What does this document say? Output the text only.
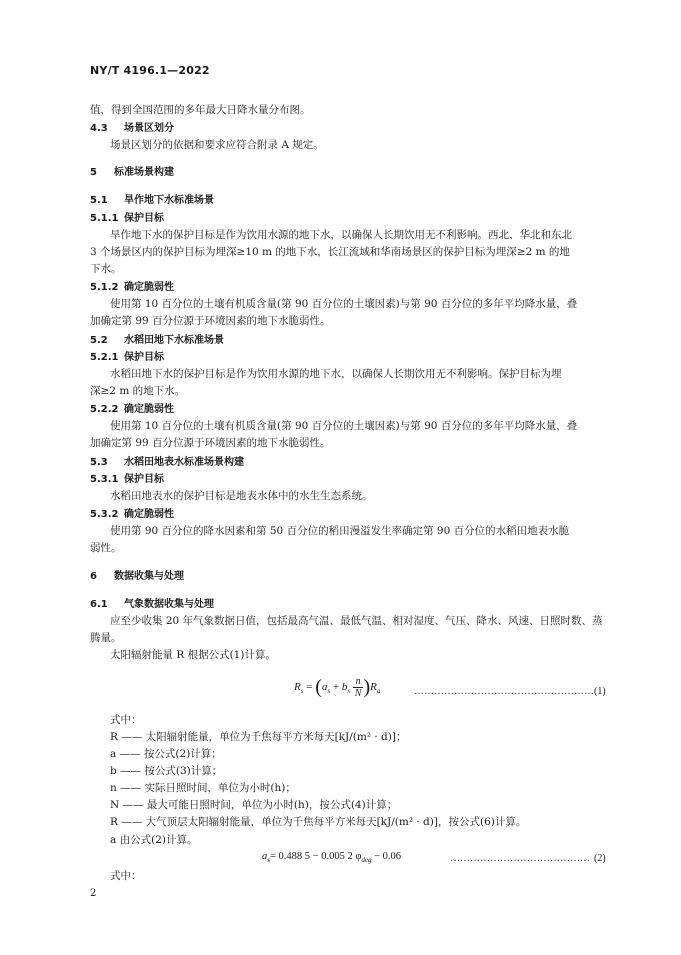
NY/T 4196.1—2022
值，得到全国范围的多年最大日降水量分布图。
4.3 场景区划分
场景区划分的依据和要求应符合附录 A 规定。
5 标准场景构建
5.1 旱作地下水标准场景
5.1.1 保护目标
旱作地下水的保护目标是作为饮用水源的地下水，以确保人长期饮用无不利影响。西北、华北和东北
3 个场景区内的保护目标为埋深≥10 m 的地下水，长江流域和华南场景区的保护目标为埋深≥2 m 的地
下水。
5.1.2 确定脆弱性
使用第 10 百分位的土壤有机质含量(第 90 百分位的土壤因素)与第 90 百分位的多年平均降水量，叠
加确定第 99 百分位源于环境因素的地下水脆弱性。
5.2 水稻田地下水标准场景
5.2.1 保护目标
水稻田地下水的保护目标是作为饮用水源的地下水，以确保人长期饮用无不利影响。保护目标为埋
深≥2 m 的地下水。
5.2.2 确定脆弱性
使用第 10 百分位的土壤有机质含量(第 90 百分位的土壤因素)与第 90 百分位的多年平均降水量，叠
加确定第 99 百分位源于环境因素的地下水脆弱性。
5.3 水稻田地表水标准场景构建
5.3.1 保护目标
水稻田地表水的保护目标是地表水体中的水生生态系统。
5.3.2 确定脆弱性
使用第 90 百分位的降水因素和第 50 百分位的稻田漫溢发生率确定第 90 百分位的水稻田地表水脆
弱性。
6 数据收集与处理
6.1 气象数据收集与处理
应至少收集 20 年气象数据日值，包括最高气温、最低气温、相对湿度、气压、降水、风速、日照时数、蒸
腾量。
太阳辐射能量 R 根据公式(1)计算。
$R_s = (a_s + b_s \frac{n}{N} )R_a$	……………………………………………… (1)
式中：
R —— 太阳辐射能量，单位为千焦每平方米每天[kJ/(m² · d)]；
a —— 按公式(2)计算；
b —— 按公式(3)计算；
n —— 实际日照时间，单位为小时(h)；
N —— 最大可能日照时间，单位为小时(h)，按公式(4)计算；
R —— 大气顶层太阳辐射能量，单位为千焦每平方米每天[kJ/(m² · d)]，按公式(6)计算。
a 由公式(2)计算。
$a_s= 0.488$ 5 − 0.005 2 $\varphi_{deg} - 0.06$	…………………………………… (2)
式中：
2
